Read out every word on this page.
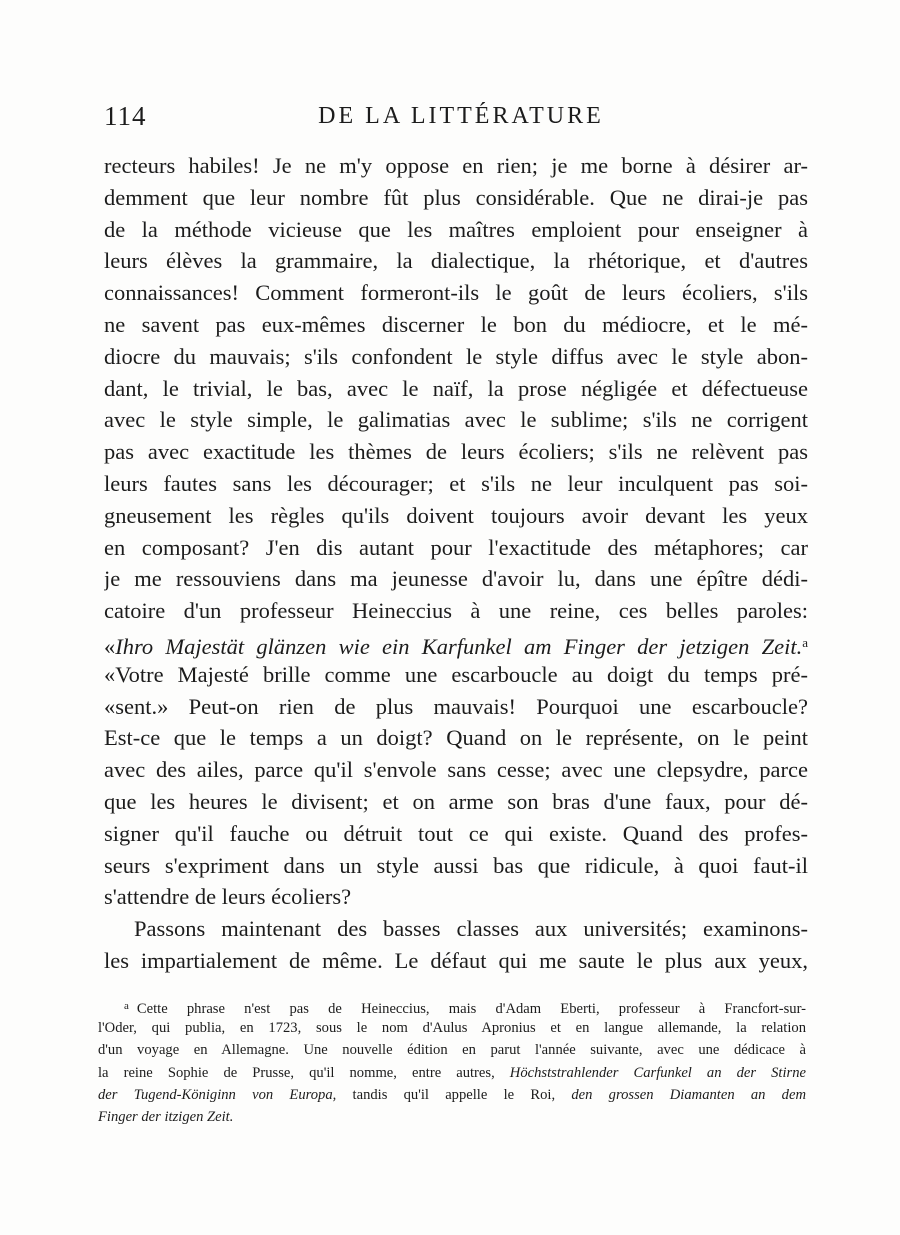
114	DE LA LITTÉRATURE
recteurs habiles! Je ne m'y oppose en rien; je me borne à désirer ar-
demment que leur nombre fût plus considérable. Que ne dirai-je pas
de la méthode vicieuse que les maîtres emploient pour enseigner à
leurs élèves la grammaire, la dialectique, la rhétorique, et d'autres
connaissances! Comment formeront-ils le goût de leurs écoliers, s'ils
ne savent pas eux-mêmes discerner le bon du médiocre, et le mé-
diocre du mauvais; s'ils confondent le style diffus avec le style abon-
dant, le trivial, le bas, avec le naïf, la prose négligée et défectueuse
avec le style simple, le galimatias avec le sublime; s'ils ne corrigent
pas avec exactitude les thèmes de leurs écoliers; s'ils ne relèvent pas
leurs fautes sans les décourager; et s'ils ne leur inculquent pas soi-
gneusement les règles qu'ils doivent toujours avoir devant les yeux
en composant? J'en dis autant pour l'exactitude des métaphores; car
je me ressouviens dans ma jeunesse d'avoir lu, dans une épître dédi-
catoire d'un professeur Heineccius à une reine, ces belles paroles:
«Ihro Majestät glänzen wie ein Karfunkel am Finger der jetzigen Zeit.$^a$
«Votre Majesté brille comme une escarboucle au doigt du temps pré-
«sent.» Peut-on rien de plus mauvais! Pourquoi une escarboucle?
Est-ce que le temps a un doigt? Quand on le représente, on le peint
avec des ailes, parce qu'il s'envole sans cesse; avec une clepsydre, parce
que les heures le divisent; et on arme son bras d'une faux, pour dé-
signer qu'il fauche ou détruit tout ce qui existe. Quand des profes-
seurs s'expriment dans un style aussi bas que ridicule, à quoi faut-il
s'attendre de leurs écoliers?
Passons maintenant des basses classes aux universités; examinons-
les impartialement de même. Le défaut qui me saute le plus aux yeux,
$^a$ Cette phrase n'est pas de Heineccius, mais d'Adam Eberti, professeur à Francfort-sur-
l'Oder, qui publia, en 1723, sous le nom d'Aulus Apronius et en langue allemande, la relation
d'un voyage en Allemagne. Une nouvelle édition en parut l'année suivante, avec une dédicace à
la reine Sophie de Prusse, qu'il nomme, entre autres, Höchststrahlender Carfunkel an der Stirne
der Tugend-Königinn von Europa, tandis qu'il appelle le Roi, den grossen Diamanten an dem
Finger der itzigen Zeit.
